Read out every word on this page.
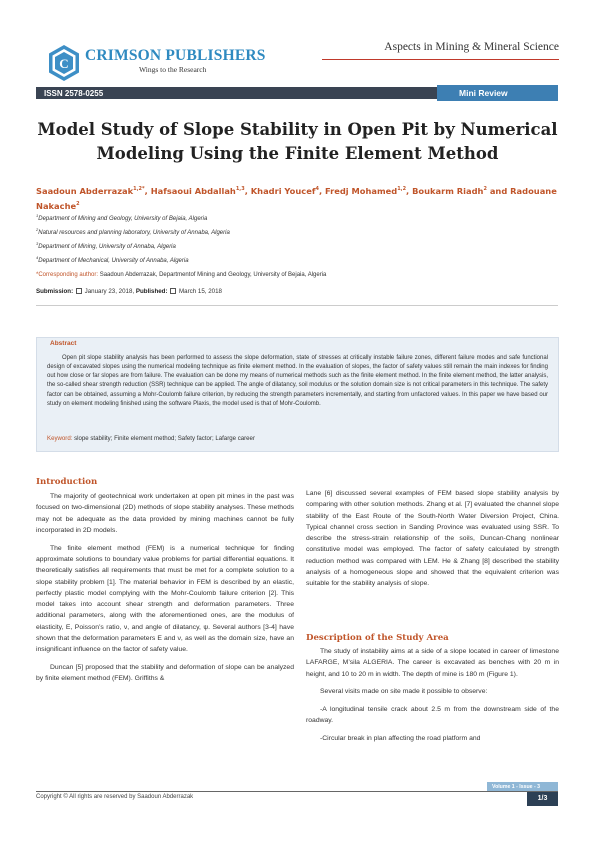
C CRIMSON PUBLISHERS
Wings to the Research
Aspects in Mining & Mineral Science
ISSN 2578-0255	Mini Review
Model Study of Slope Stability in Open Pit by Numerical Modeling Using the Finite Element Method
Saadoun Abderrazak$^{1,2*}$, Hafsaoui Abdallah$^{1,3}$, Khadri Youcef$^4$, Fredj Mohamed$^{1,2}$, Boukarm Riadh$^2$ and Radouane Nakache$^2$
$^1$Department of Mining and Geology, University of Bejaia, Algeria
$^2$Natural resources and planning laboratory, University of Annaba, Algeria
$^3$Department of Mining, University of Annaba, Algeria
$^4$Department of Mechanical, University of Annaba, Algeria
*Corresponding author: Saadoun Abderrazak, Departmentof Mining and Geology, University of Bejaia, Algeria
Submission: January 23, 2018, Published: March 15, 2018
Abstract

Open pit slope stability analysis has been performed to assess the slope deformation, state of stresses at critically instable failure zones, different failure modes and safe functional design of excavated slopes using the numerical modeling technique as finite element method. In the evaluation of slopes, the factor of safety values still remain the main indexes for finding out how close or far slopes are from failure. The evaluation can be done my means of numerical methods such as the finite element method. In the finite element method, the latter analysis, the so-called shear strength reduction (SSR) technique can be applied. The angle of dilatancy, soil modulus or the solution domain size is not critical parameters in this technique. The safety factor can be obtained, assuming a Mohr-Coulomb failure criterion, by reducing the strength parameters incrementally, and starting from unfactored values. In this paper we have based our study on element modeling finished using the software Plaxis, the model used is that of Mohr-Coulomb.

Keyword: slope stability; Finite element method; Safety factor; Lafarge career
Introduction

The majority of geotechnical work undertaken at open pit mines in the past was focused on two-dimensional (2D) methods of slope stability analyses. These methods may not be adequate as the data provided by mining machines cannot be fully incorporated in 2D models.

The finite element method (FEM) is a numerical technique for finding approximate solutions to boundary value problems for partial differential equations. It theoretically satisfies all requirements that must be met for a complete solution to a slope stability problem [1]. The material behavior in FEM is described by an elastic, perfectly plastic model complying with the Mohr-Coulomb failure criterion [2]. This model takes into account shear strength and deformation parameters. Three additional parameters, along with the aforementioned ones, are the modulus of elasticity, E, Poisson’s ratio, ν, and angle of dilatancy, ψ. Several authors [3-4] have shown that the deformation parameters E and ν, as well as the domain size, have an insignificant influence on the factor of safety value.

Duncan [5] proposed that the stability and deformation of slope can be analyzed by finite element method (FEM). Griffiths &

Lane [6] discussed several examples of FEM based slope stability analysis by comparing with other solution methods. Zhang et al. [7] evaluated the channel slope stability of the East Route of the South-North Water Diversion Project, China. Typical channel cross section in Sanding Province was evaluated using SSR. To describe the stress-strain relationship of the soils, Duncan-Chang nonlinear constitutive model was employed. The factor of safety calculated by strength reduction method was compared with LEM. He & Zhang [8] described the stability analysis of a homogeneous slope and showed that the equivalent criterion was suitable for the stability analysis of slope.

Description of the Study Area

The study of instability aims at a side of a slope located in career of limestone LAFARGE, M’sila ALGERIA. The career is excavated as benches with 20 m in height, and 10 to 20 m in width. The depth of mine is 180 m (Figure 1).

Several visits made on site made it possible to observe:

-A longitudinal tensile crack about 2.5 m from the downstream side of the roadway.

-Circular break in plan affecting the road platform and

Volume 1 - Issue - 3
Copyright © All rights are reserved by Saadoun Abderrazak	1/3
